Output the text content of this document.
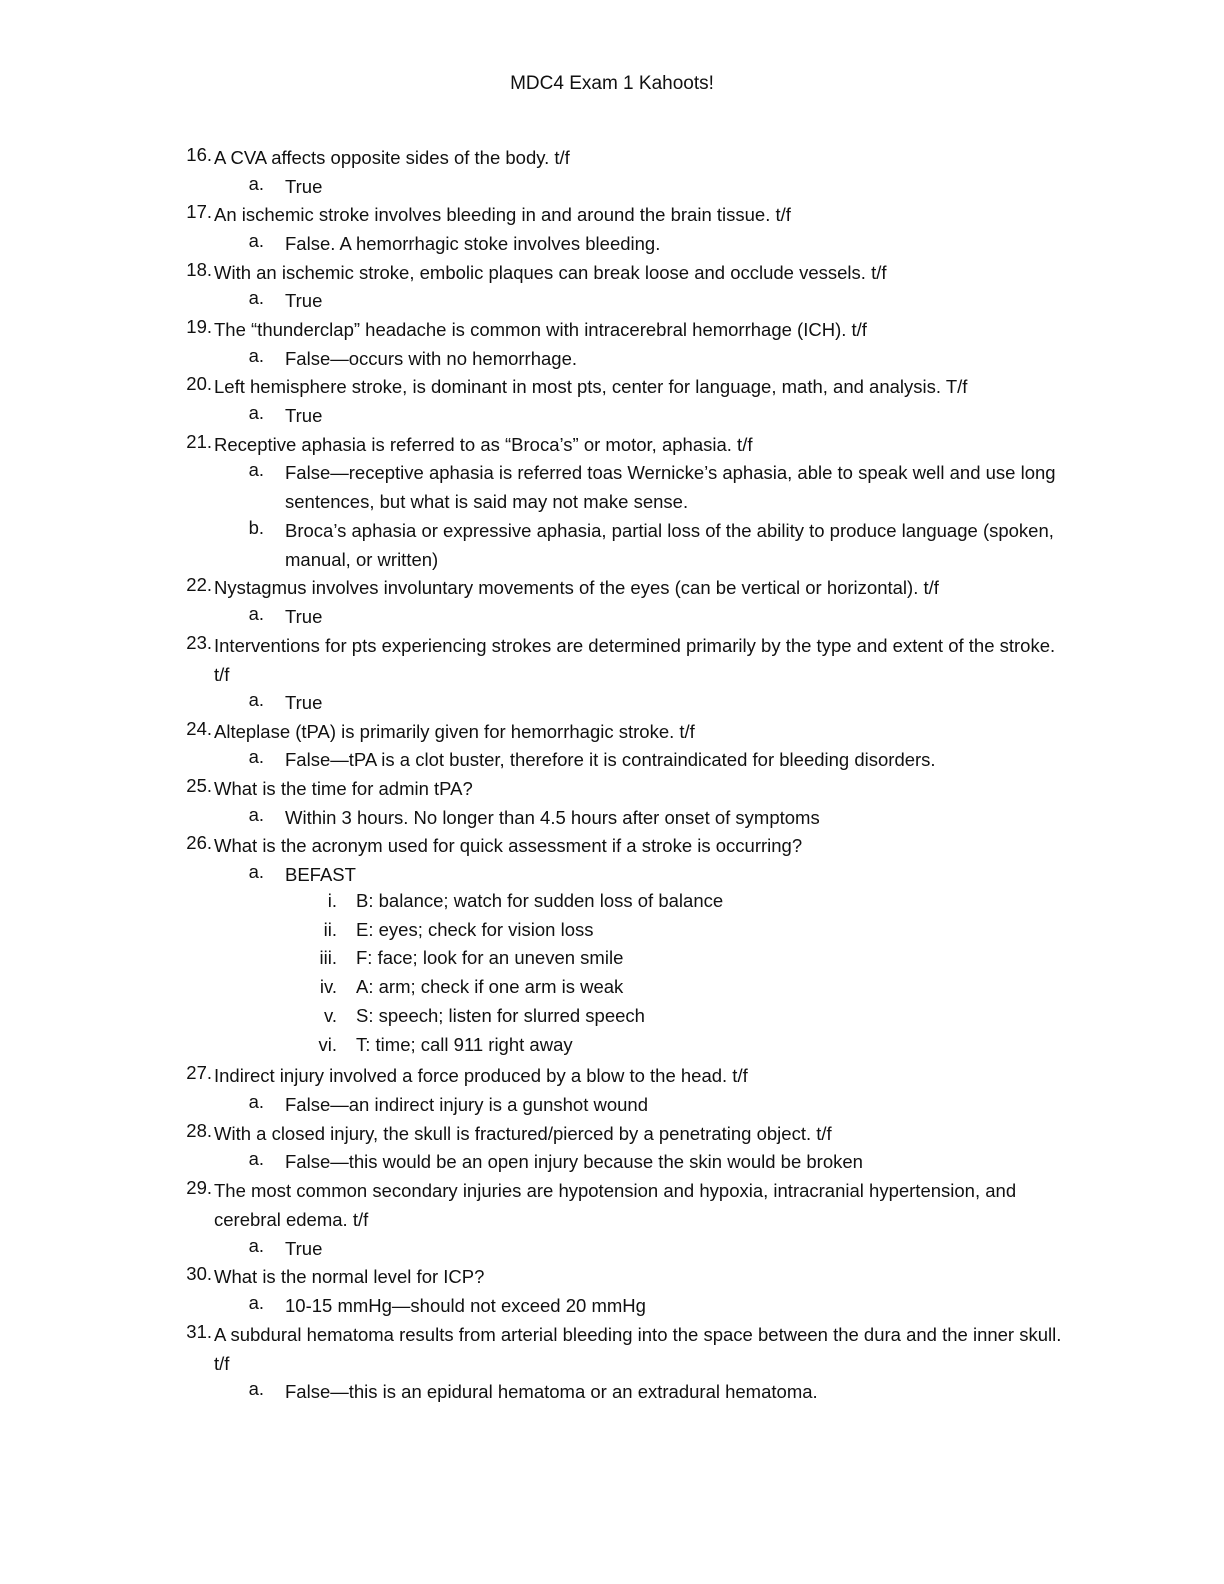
MDC4 Exam 1 Kahoots!
16. A CVA affects opposite sides of the body. t/f
a. True
17. An ischemic stroke involves bleeding in and around the brain tissue. t/f
a. False. A hemorrhagic stoke involves bleeding.
18. With an ischemic stroke, embolic plaques can break loose and occlude vessels. t/f
a. True
19. The “thunderclap” headache is common with intracerebral hemorrhage (ICH). t/f
a. False—occurs with no hemorrhage.
20. Left hemisphere stroke, is dominant in most pts, center for language, math, and analysis. T/f
a. True
21. Receptive aphasia is referred to as “Broca’s” or motor, aphasia. t/f
a. False—receptive aphasia is referred toas Wernicke’s aphasia, able to speak well and use long sentences, but what is said may not make sense.
b. Broca’s aphasia or expressive aphasia, partial loss of the ability to produce language (spoken, manual, or written)
22. Nystagmus involves involuntary movements of the eyes (can be vertical or horizontal). t/f
a. True
23. Interventions for pts experiencing strokes are determined primarily by the type and extent of the stroke. t/f
a. True
24. Alteplase (tPA) is primarily given for hemorrhagic stroke. t/f
a. False—tPA is a clot buster, therefore it is contraindicated for bleeding disorders.
25. What is the time for admin tPA?
a. Within 3 hours. No longer than 4.5 hours after onset of symptoms
26. What is the acronym used for quick assessment if a stroke is occurring?
a. BEFAST
i. B: balance; watch for sudden loss of balance
ii. E: eyes; check for vision loss
iii. F: face; look for an uneven smile
iv. A: arm; check if one arm is weak
v. S: speech; listen for slurred speech
vi. T: time; call 911 right away
27. Indirect injury involved a force produced by a blow to the head. t/f
a. False—an indirect injury is a gunshot wound
28. With a closed injury, the skull is fractured/pierced by a penetrating object. t/f
a. False—this would be an open injury because the skin would be broken
29. The most common secondary injuries are hypotension and hypoxia, intracranial hypertension, and cerebral edema. t/f
a. True
30. What is the normal level for ICP?
a. 10-15 mmHg—should not exceed 20 mmHg
31. A subdural hematoma results from arterial bleeding into the space between the dura and the inner skull. t/f
a. False—this is an epidural hematoma or an extradural hematoma.
